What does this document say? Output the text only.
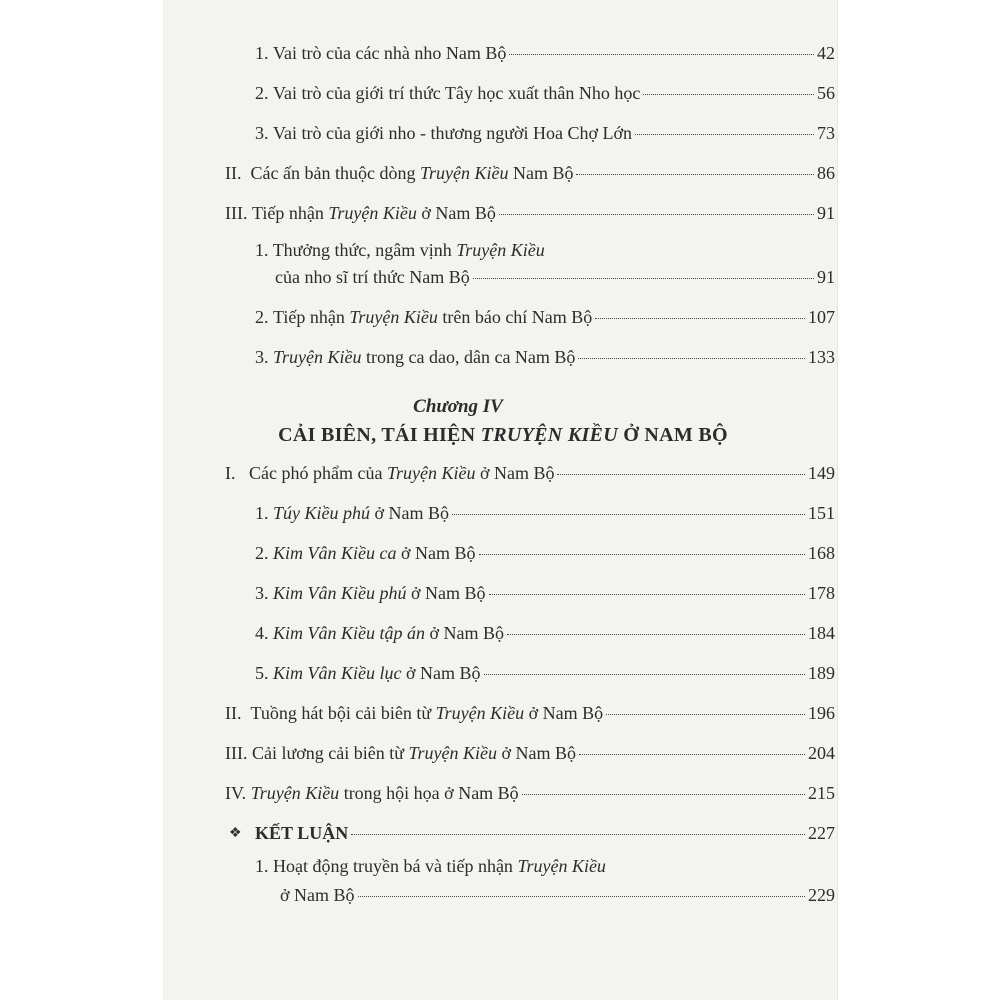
1. Vai trò của các nhà nho Nam Bộ	42
2. Vai trò của giới trí thức Tây học xuất thân Nho học	56
3. Vai trò của giới nho - thương người Hoa Chợ Lớn	73
II. Các ấn bản thuộc dòng Truyện Kiều Nam Bộ	86
III. Tiếp nhận Truyện Kiều ở Nam Bộ	91
1. Thưởng thức, ngâm vịnh Truyện Kiều
của nho sĩ trí thức Nam Bộ	91
2. Tiếp nhận Truyện Kiều trên báo chí Nam Bộ	107
3. Truyện Kiều trong ca dao, dân ca Nam Bộ	133
Chương IV
CẢI BIÊN, TÁI HIỆN TRUYỆN KIỀU Ở NAM BỘ
I. Các phó phẩm của Truyện Kiều ở Nam Bộ	149
1. Túy Kiều phú ở Nam Bộ	151
2. Kim Vân Kiều ca ở Nam Bộ	168
3. Kim Vân Kiều phú ở Nam Bộ	178
4. Kim Vân Kiều tập án ở Nam Bộ	184
5. Kim Vân Kiều lục ở Nam Bộ	189
II. Tuồng hát bội cải biên từ Truyện Kiều ở Nam Bộ	196
III. Cải lương cải biên từ Truyện Kiều ở Nam Bộ	204
IV. Truyện Kiều trong hội họa ở Nam Bộ	215
❖ KẾT LUẬN	227
1. Hoạt động truyền bá và tiếp nhận Truyện Kiều
ở Nam Bộ	229
